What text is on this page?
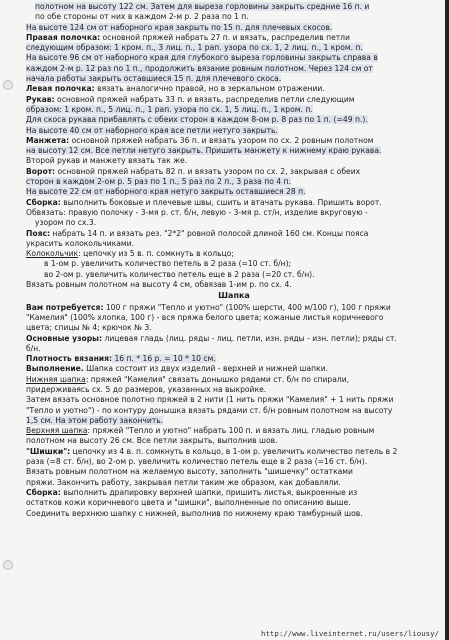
полотном на высоту 122 см. Затем для выреза горловины закрыть средние 16 п. и

по обе стороны от них в каждом 2-м р. 2 раза по 1 п.

На высоте 124 см от наборного края закрыть по 15 п. для плечевых скосов.

Правая полочка: основной пряжей набрать 27 п. и вязать, распределив петли

следующим образом: 1 кром. п., 3 лиц. п., 1 рап. узора по сх. 1, 2 лиц. п., 1 кром. п.

На высоте 96 см от наборного края для глубокого выреза горловины закрыть справа в

каждом 2-м р. 12 раз по 1 п., продолжить вязание ровным полотном. Через 124 см от

начала работы закрыть оставшиеся 15 п. для плечевого скоса.

Левая полочка: вязать аналогично правой, но в зеркальном отражении.

Рукав: основной пряжей набрать 33 п. и вязать, распределив петли следующим

образом: 1 кром. п., 5 лиц. п., 1 рап. узора по сх. 1, 5 лиц. п., 1 кром. п.

Для скоса рукава прибавлять с обеих сторон в каждом 8-ом р. 8 раз по 1 п. (=49 п.).

На высоте 40 см от наборного края все петли нетуго закрыть.

Манжета: основной пряжей набрать 36 п. и вязать узором по сх. 2 ровным полотном

на высоту 12 см. Все петли нетуго закрыть. Пришить манжету к нижнему краю рукава.

Второй рукав и манжету вязать так же.

Ворот: основной пряжей набрать 82 п. и вязать узором по сх. 2, закрывая с обеих

сторон в каждом 2-ом р. 5 раз по 1 п., 5 раз по 2 п., 3 раза по 4 п.

На высоте 22 см от наборного края нетуго закрыть оставшиеся 28 п.

Сборка: выполнить боковые и плечевые швы, сшить и втачать рукава. Пришить ворот.

Обвязать: правую полочку - 3-мя р. ст. б/н, левую - 3-мя р. ст/н, изделие вкруговую -

узором по сх.3.

Пояс: набрать 14 п. и вязать рез. "2*2" ровной полосой длиной 160 см. Концы пояса

украсить колокольчиками.

Колокольчик: цепочку из 5 в. п. сомкнуть в кольцо;

в 1-ом р. увеличить количество петель в 2 раза (=10 ст. б/н);

во 2-ом р. увеличить количество петель еще в 2 раза (=20 ст. б/н).

Вязать ровным полотном на высоту 4 см, обвязав 1-им р. по сх. 4.

Шапка

Вам потребуется: 100 г пряжи "Тепло и уютно" (100% шерсти, 400 м/100 г), 100 г пряжи

"Камелия" (100% хлопка, 100 г) - вся пряжа белого цвета; кожаные листья коричневого

цвета; спицы № 4; крючок № 3.

Основные узоры: лицевая гладь (лиц. ряды - лиц. петли, изн. ряды - изн. петли); ряды ст.

б/н.

Плотность вязания: 16 п. * 16 р. = 10 * 10 см.

Выполнение. Шапка состоит из двух изделий - верхней и нижней шапки.

Нижняя шапка: пряжей "Камелия" связать донышко рядами ст. б/н по спирали,

придерживаясь сх. 5 до размеров, указанных на выкройке.

Затем вязать основное полотно пряжей в 2 нити (1 нить пряжи "Камелия" + 1 нить пряжи

"Тепло и уютно") - по контуру донышка вязать рядами ст. б/н ровным полотном на высоту

1,5 см. На этом работу закончить.

Верхняя шапка: пряжей "Тепло и уютно" набрать 100 п. и вязать лиц. гладью ровным

полотном на высоту 26 см. Все петли закрыть, выполнив шов.

"Шишки": цепочку из 4 в. п. сомкнуть в кольцо, в 1-ом р. увеличить количество петель в 2

раза (=8 ст. б/н), во 2-ом р. увеличить количество петель еще в 2 раза (=16 ст. б/н).

Вязать ровным полотном на желаемую высоту, заполнить "шишечку" остатками

пряжи. Закончить работу, закрывая петли таким же образом, как добавляли.

Сборка: выполнить драпировку верхней шапки, пришить листья, выкроенные из

остатков кожи коричневого цвета и "шишки", выполненные по описанию выше.

Соединить верхнюю шапку с нижней, выполнив по нижнему краю тамбурный шов.

http://www.liveinternet.ru/users/liousy/
